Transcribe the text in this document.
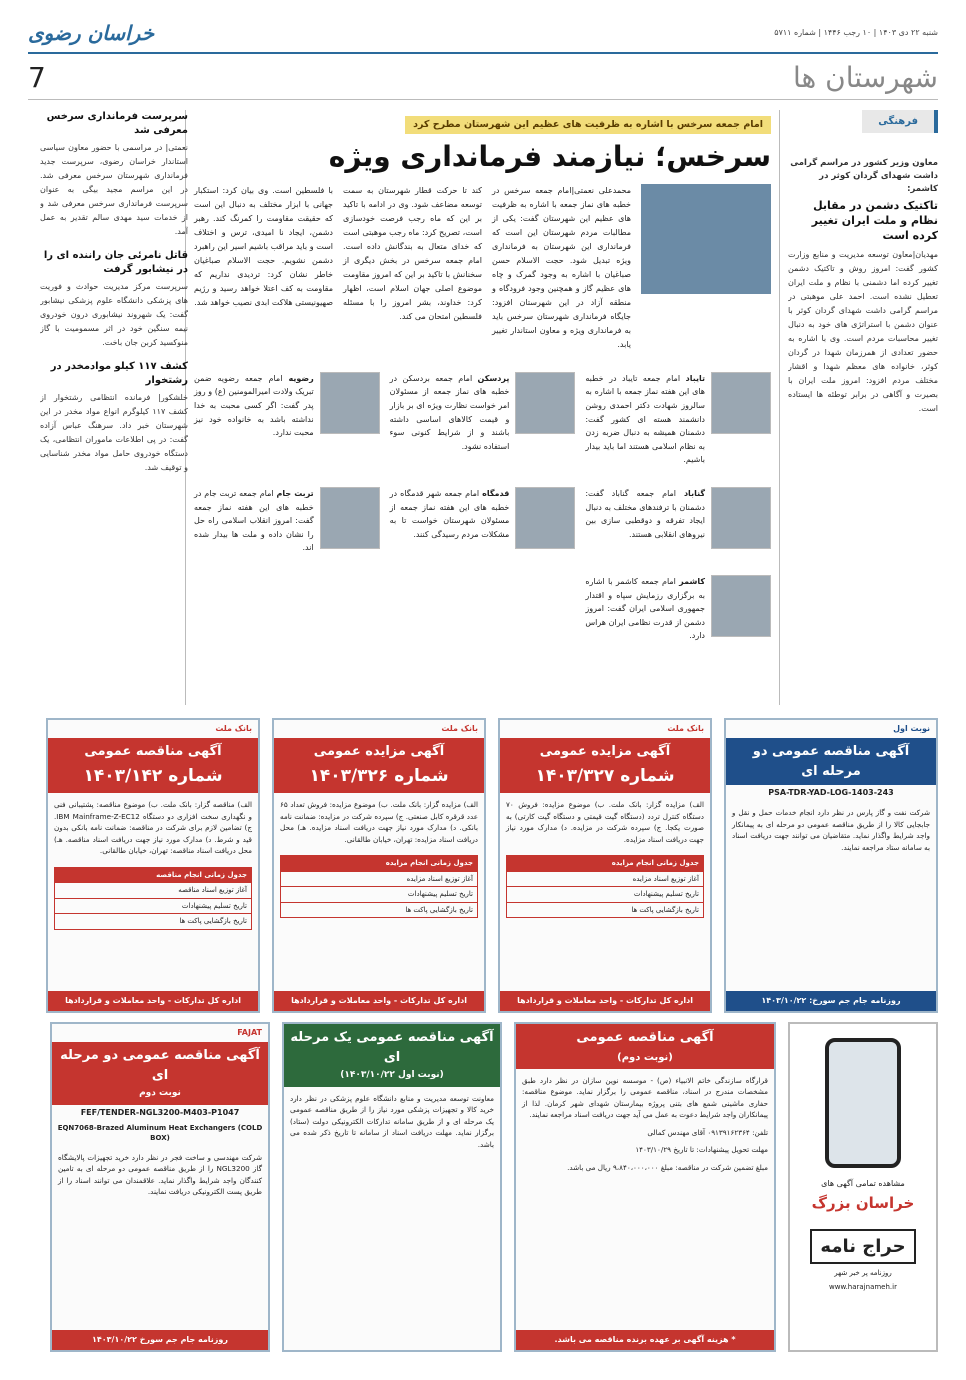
خراسان رضوی	شنبه ۲۲ دی ۱۴۰۳ | ۱۰ رجب ۱۴۴۶ | شماره ۵۷۱۱
شهرستان ها
7
فرهنگی
معاون وزیر کشور در مراسم گرامی داشت شهدای گردان کوثر در کاشمر:
تاکتیک دشمن در مقابل نظام و ملت ایران تغییر کرده است
مهدیان|معاون توسعه مدیریت و منابع وزارت کشور گفت: امروز روش و تاکتیک دشمن تغییر کرده اما دشمنی با نظام و ملت ایران تعطیل نشده است. احمد علی موهبتی در مراسم گرامی داشت شهدای گردان کوثر با عنوان دشمن با استراتژی های خود به دنبال تغییر محاسبات مردم است. وی با اشاره به حضور تعدادی از همرزمان شهدا در گردان کوثر، خانواده های معظم شهدا و اقشار مختلف مردم افزود: امروز ملت ایران با بصیرت و آگاهی در برابر توطئه ها ایستاده است.
امام جمعه سرخس با اشاره به ظرفیت های عظیم این شهرستان مطرح کرد
سرخس؛ نیازمند فرمانداری ویژه
محمدعلی نعمتی|امام جمعه سرخس در خطبه های نماز جمعه با اشاره به ظرفیت های عظیم این شهرستان گفت: یکی از مطالبات مردم شهرستان این است که فرمانداری این شهرستان به فرمانداری ویژه تبدیل شود. حجت الاسلام حسن صباغیان با اشاره به وجود گمرک و چاه های عظیم گاز و همچنین وجود فرودگاه و منطقه آزاد در این شهرستان افزود: جایگاه فرمانداری شهرستان سرخس باید به فرمانداری ویژه و معاون استاندار تغییر یابد.
کند تا حرکت قطار شهرستان به سمت توسعه مضاعف شود. وی در ادامه با تاکید بر این که ماه رجب فرصت خودسازی است، تصریح کرد: ماه رجب موهبتی است که خدای متعال به بندگانش داده است. امام جمعه سرخس در بخش دیگری از سخنانش با تاکید بر این که امروز مقاومت موضوع اصلی جهان اسلام است، اظهار کرد: خداوند، بشر امروز را با مسئله فلسطین امتحان می کند.
با فلسطین است. وی بیان کرد: استکبار جهانی با ابزار مختلف به دنبال این است که حقیقت مقاومت را کمرنگ کند. رهبر دشمن، ایجاد نا امیدی، ترس و اختلاف است و باید مراقب باشیم اسیر این راهبرد دشمن نشویم. حجت الاسلام صباغیان خاطر نشان کرد: تردیدی نداریم که مقاومت به کف اعتلا خواهد رسید و رژیم صهیونیستی هلاکت ابدی نصیب خواهد شد.
تایباد امام جمعه تایباد در خطبه های این هفته نماز جمعه با اشاره به سالروز شهادت دکتر احمدی روشن دانشمند هسته ای کشور گفت: دشمنان همیشه به دنبال ضربه زدن به نظام اسلامی هستند اما باید بیدار باشیم.
پردسکن امام جمعه بردسکن در خطبه های نماز جمعه از مسئولان امر خواست نظارت ویژه ای بر بازار و قیمت کالاهای اساسی داشته باشند و از شرایط کنونی سوء استفاده نشود.
رضویه امام جمعه رضویه ضمن تبریک ولادت امیرالمومنین (ع) و روز پدر گفت: اگر کسی محبت به خدا نداشته باشد به خانواده خود نیز محبت ندارد.
گناباد امام جمعه گناباد گفت: دشمنان با ترفندهای مختلف به دنبال ایجاد تفرقه و دوقطبی سازی بین نیروهای انقلابی هستند.
قدمگاه امام جمعه شهر قدمگاه در خطبه های این هفته نماز جمعه از مسئولان شهرستان خواست تا به مشکلات مردم رسیدگی کنند.
تربت جام امام جمعه تربت جام در خطبه های این هفته نماز جمعه گفت: امروز انقلاب اسلامی راه حل را نشان داده و ملت ها بیدار شده اند.
کاشمر امام جمعه کاشمر با اشاره به برگزاری رزمایش سپاه و اقتدار جمهوری اسلامی ایران گفت: امروز دشمن از قدرت نظامی ایران هراس دارد.
سرپرست فرمانداری سرخس معرفی شد
نعمتی| در مراسمی با حضور معاون سیاسی استاندار خراسان رضوی، سرپرست جدید فرمانداری شهرستان سرخس معرفی شد. در این مراسم مجید بیگی به عنوان سرپرست فرمانداری سرخس معرفی شد و از خدمات سید مهدی سالم تقدیر به عمل آمد.
قاتل نامرئی جان راننده ای را در نیشابور گرفت
سرپرست مرکز مدیریت حوادث و فوریت های پزشکی دانشگاه علوم پزشکی نیشابور گفت: یک شهروند نیشابوری درون خودروی نیمه سنگین خود در اثر مسمومیت با گاز منوکسید کربن جان باخت.
کشف ۱۱۷ کیلو موادمخدر در رشتخوار
خلشکور| فرمانده انتظامی رشتخوار از کشف ۱۱۷ کیلوگرم انواع مواد مخدر در این شهرستان خبر داد. سرهنگ عباس آزاده گفت: در پی اطلاعات ماموران انتظامی، یک دستگاه خودروی حامل مواد مخدر شناسایی و توقیف شد.
نوبت اول
آگهی مناقصه عمومی دو مرحله ای
PSA-TDR-YAD-LOG-1403-243
شرکت نفت و گاز پارس در نظر دارد انجام خدمات حمل و نقل و جابجایی کالا را از طریق مناقصه عمومی دو مرحله ای به پیمانکار واجد شرایط واگذار نماید. متقاضیان می توانند جهت دریافت اسناد به سامانه ستاد مراجعه نمایند.
روزنامه جام جم سورخ: ۱۴۰۳/۱۰/۲۲
بانک ملت
آگهی مزایده عمومی
شماره ۱۴۰۳/۳۲۷
الف) مزایده گزار: بانک ملت. ب) موضوع مزایده: فروش ۷۰ دستگاه کنترل تردد (دستگاه گیت قیمتی و دستگاه گیت کارتی) به صورت یکجا. ج) سپرده شرکت در مزایده. د) مدارک مورد نیاز جهت دریافت اسناد مزایده.
جدول زمانی انجام مزایده
آغاز توزیع اسناد مزایده
تاریخ تسلیم پیشنهادات
تاریخ بازگشایی پاکت ها
اداره کل تدارکات - واحد معاملات و قراردادها
بانک ملت
آگهی مزایده عمومی
شماره ۱۴۰۳/۳۲۶
الف) مزایده گزار: بانک ملت. ب) موضوع مزایده: فروش تعداد ۶۵ عدد قرقره کابل صنعتی. ج) سپرده شرکت در مزایده: ضمانت نامه بانکی. د) مدارک مورد نیاز جهت دریافت اسناد مزایده. هـ) محل دریافت اسناد مزایده: تهران، خیابان طالقانی.
جدول زمانی انجام مزایده
آغاز توزیع اسناد مزایده
تاریخ تسلیم پیشنهادات
تاریخ بازگشایی پاکت ها
اداره کل تدارکات - واحد معاملات و قراردادها
بانک ملت
آگهی مناقصه عمومی
شماره ۱۴۰۳/۱۴۲
الف) مناقصه گزار: بانک ملت. ب) موضوع مناقصه: پشتیبانی فنی و نگهداری سخت افزاری دو دستگاه IBM Mainframe-Z-EC12. ج) تضامین لازم برای شرکت در مناقصه: ضمانت نامه بانکی بدون قید و شرط. د) مدارک مورد نیاز جهت دریافت اسناد مناقصه. هـ) محل دریافت اسناد مناقصه: تهران، خیابان طالقانی.
جدول زمانی انجام مناقصه
آغاز توزیع اسناد مناقصه
تاریخ تسلیم پیشنهادات
تاریخ بازگشایی پاکت ها
اداره کل تدارکات - واحد معاملات و قراردادها
مشاهده تمامی آگهی های
خراسان بزرگ
حراج نامه
روزنامه پر خبر شهر
www.harajnameh.ir
آگهی مناقصه عمومی
(نوبت دوم)
قرارگاه سازندگی خاتم الانبیاء (ص) - موسسه نوین سازان در نظر دارد طبق مشخصات مندرج در اسناد، مناقصه عمومی را برگزار نماید. موضوع مناقصه: حفاری ماشینی شمع های بتنی پروژه بیمارستان شهدای شهر کرمان. لذا از پیمانکاران واجد شرایط دعوت به عمل می آید جهت دریافت اسناد مراجعه نمایند.
تلفن: ۰۹۱۳۹۱۶۲۳۶۴ آقای مهندس کمالی
مهلت تحویل پیشنهادات: تا تاریخ ۱۴۰۳/۱۰/۲۹
مبلغ تضمین شرکت در مناقصه: مبلغ ۹،۸۴۰،۰۰۰،۰۰۰ ریال می باشد.
* هزینه آگهی بر عهده برنده مناقصه می باشد.
آگهی مناقصه عمومی یک مرحله ای
(نوبت اول ۱۴۰۳/۱۰/۲۲)
معاونت توسعه مدیریت و منابع دانشگاه علوم پزشکی در نظر دارد خرید کالا و تجهیزات پزشکی مورد نیاز را از طریق مناقصه عمومی یک مرحله ای و از طریق سامانه تدارکات الکترونیکی دولت (ستاد) برگزار نماید. مهلت دریافت اسناد از سامانه تا تاریخ ذکر شده می باشد.
FAJAT
آگهی مناقصه عمومی دو مرحله ای
نوبت دوم
FEF/TENDER-NGL3200-M403-P1047
EQN7068-Brazed Aluminum Heat Exchangers (COLD BOX)
شرکت مهندسی و ساخت فجر در نظر دارد خرید تجهیزات پالایشگاه گاز NGL3200 را از طریق مناقصه عمومی دو مرحله ای به تامین کنندگان واجد شرایط واگذار نماید. علاقمندان می توانند اسناد را از طریق پست الکترونیکی دریافت نمایند.
روزنامه جام جم سورخ ۱۴۰۳/۱۰/۲۲
